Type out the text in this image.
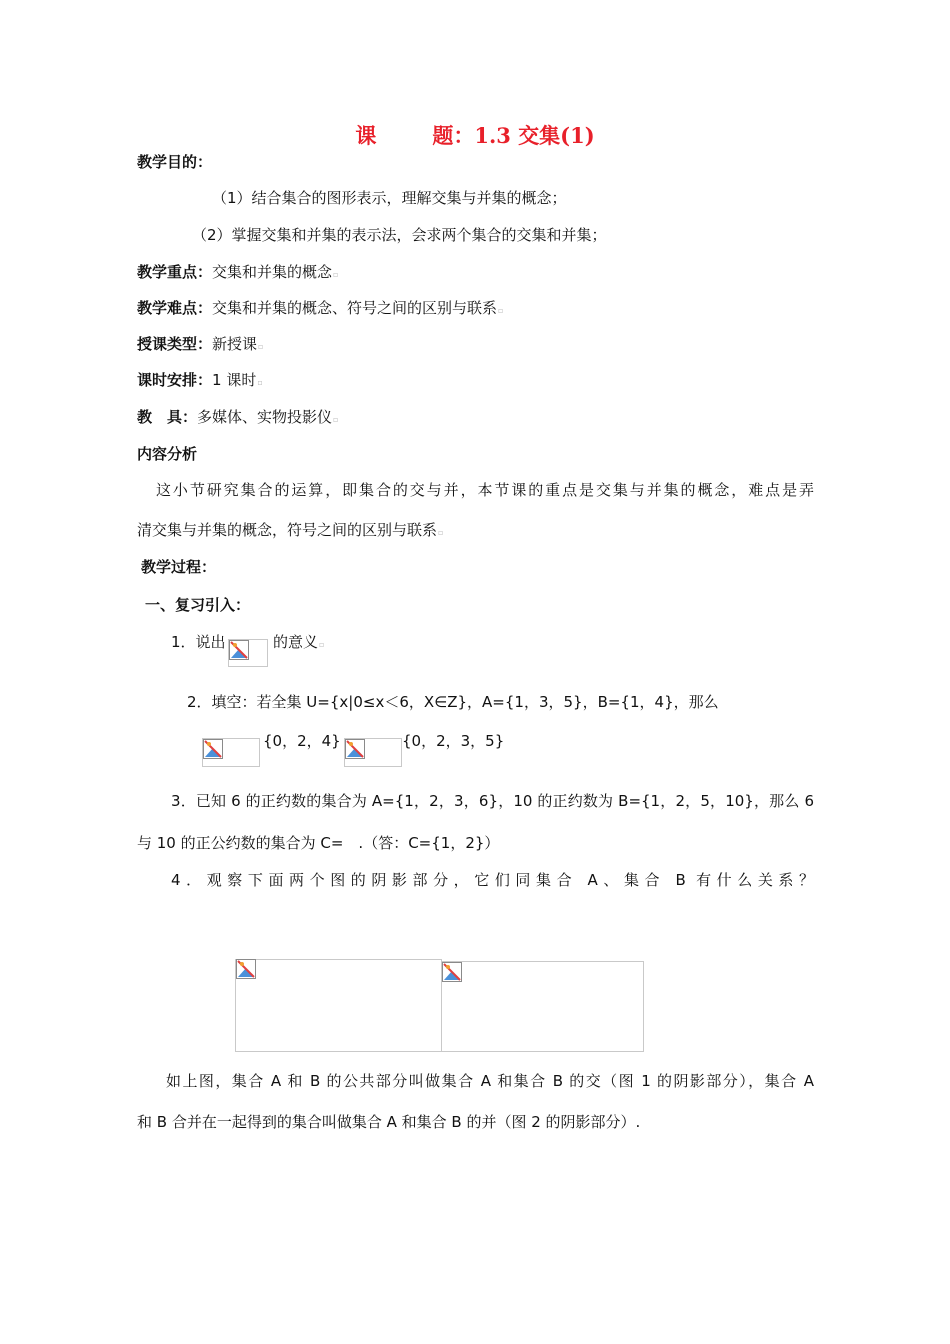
课	题：1.3 交集(1)
教学目的：
（1）结合集合的图形表示，理解交集与并集的概念；
（2）掌握交集和并集的表示法，会求两个集合的交集和并集；
教学重点：交集和并集的概念▫
教学难点：交集和并集的概念、符号之间的区别与联系▫
授课类型：新授课▫
课时安排：1 课时▫
教　具：多媒体、实物投影仪▫
内容分析
这小节研究集合的运算，即集合的交与并，本节课的重点是交集与并集的概念，难点是弄
清交集与并集的概念，符号之间的区别与联系▫
教学过程：
一、复习引入：
1．说出	的意义▫
2．填空：若全集 U={x|0≤x＜6，X∈Z}，A={1，3，5}，B={1，4}，那么
{0，2，4}	{0，2，3，5}
3．已知 6 的正约数的集合为 A={1，2，3，6}，10 的正约数为 B={1，2，5，10}，那么 6
与 10 的正公约数的集合为 C=　.（答：C={1，2}）
4．观察下面两个图的阴影部分，它们同集合 A、集合 B 有什么关系？
如上图，集合 A 和 B 的公共部分叫做集合 A 和集合 B 的交（图 1 的阴影部分），集合 A
和 B 合并在一起得到的集合叫做集合 A 和集合 B 的并（图 2 的阴影部分）.
